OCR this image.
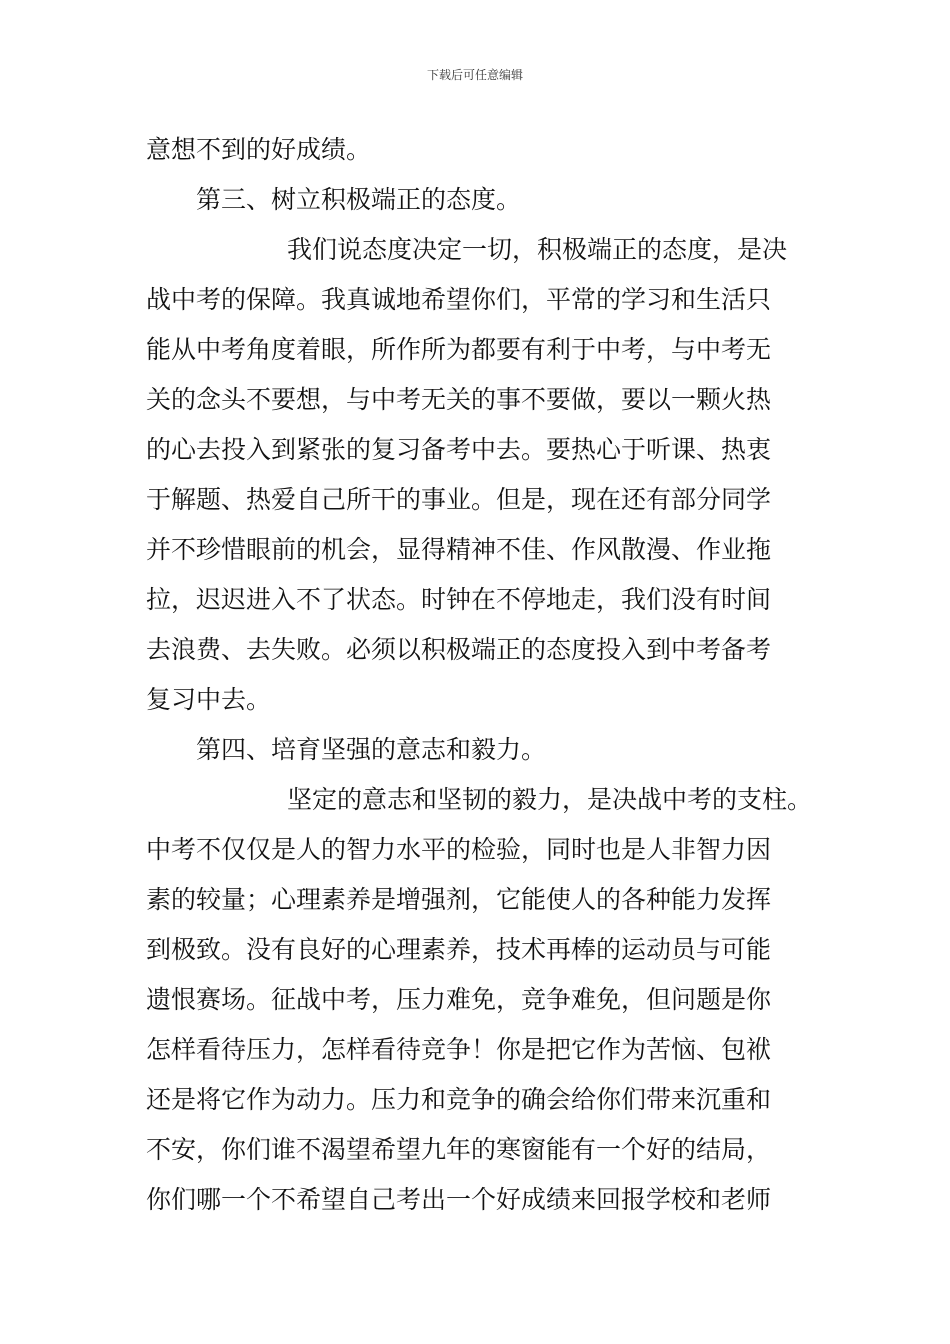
下载后可任意编辑
意想不到的好成绩。
第三、树立积极端正的态度。
我们说态度决定一切，积极端正的态度，是决
战中考的保障。我真诚地希望你们，平常的学习和生活只
能从中考角度着眼，所作所为都要有利于中考，与中考无
关的念头不要想，与中考无关的事不要做，要以一颗火热
的心去投入到紧张的复习备考中去。要热心于听课、热衷
于解题、热爱自己所干的事业。但是，现在还有部分同学
并不珍惜眼前的机会，显得精神不佳、作风散漫、作业拖
拉，迟迟进入不了状态。时钟在不停地走，我们没有时间
去浪费、去失败。必须以积极端正的态度投入到中考备考
复习中去。
第四、培育坚强的意志和毅力。
坚定的意志和坚韧的毅力，是决战中考的支柱。
中考不仅仅是人的智力水平的检验，同时也是人非智力因
素的较量；心理素养是增强剂，它能使人的各种能力发挥
到极致。没有良好的心理素养，技术再棒的运动员与可能
遗恨赛场。征战中考，压力难免，竞争难免，但问题是你
怎样看待压力，怎样看待竞争！你是把它作为苦恼、包袱
还是将它作为动力。压力和竞争的确会给你们带来沉重和
不安，你们谁不渴望希望九年的寒窗能有一个好的结局，
你们哪一个不希望自己考出一个好成绩来回报学校和老师
